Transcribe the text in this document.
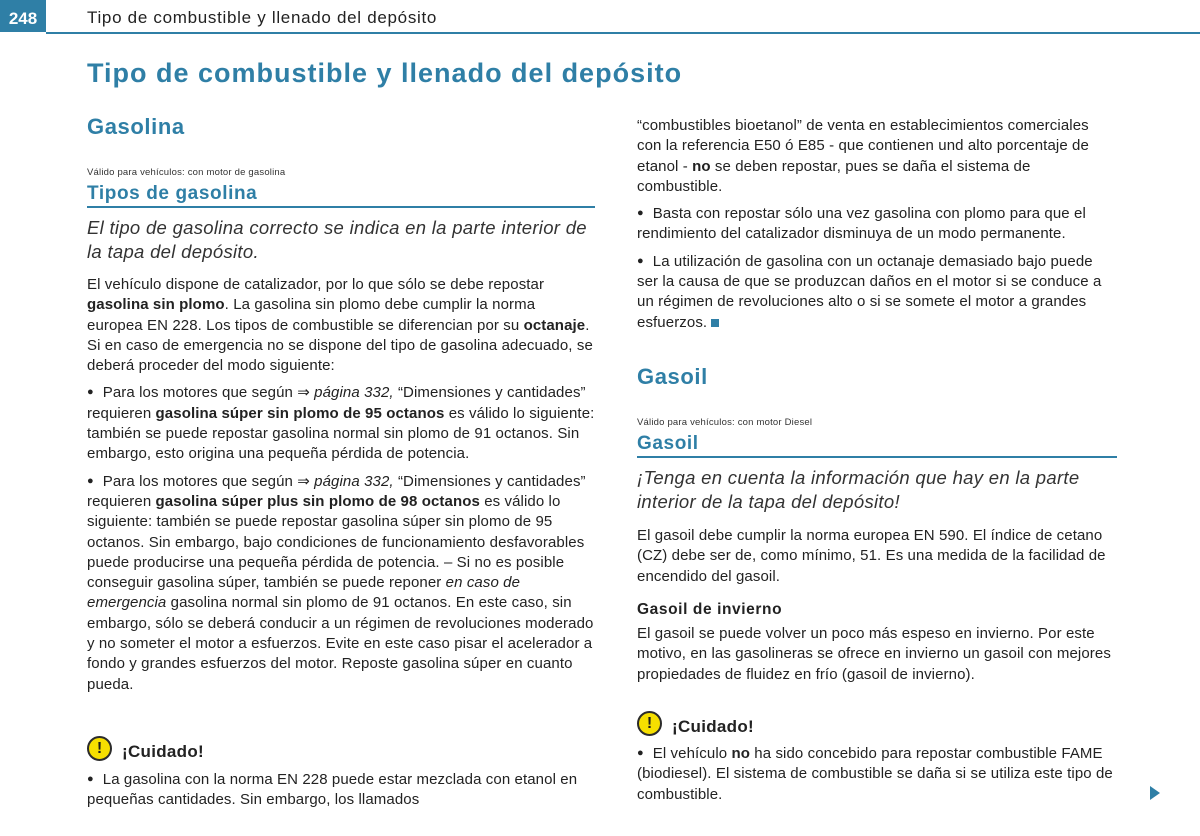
248	Tipo de combustible y llenado del depósito
Tipo de combustible y llenado del depósito
Gasolina
Válido para vehículos: con motor de gasolina
Tipos de gasolina
El tipo de gasolina correcto se indica en la parte interior de la tapa del depósito.

El vehículo dispone de catalizador, por lo que sólo se debe repostar gasolina sin plomo. La gasolina sin plomo debe cumplir la norma europea EN 228. Los tipos de combustible se diferencian por su octanaje. Si en caso de emergencia no se dispone del tipo de gasolina adecuado, se deberá proceder del modo siguiente:

● Para los motores que según ⇒ página 332, “Dimensiones y cantidades” requieren gasolina súper sin plomo de 95 octanos es válido lo siguiente: también se puede repostar gasolina normal sin plomo de 91 octanos. Sin embargo, esto origina una pequeña pérdida de potencia.

● Para los motores que según ⇒ página 332, “Dimensiones y cantidades” requieren gasolina súper plus sin plomo de 98 octanos es válido lo siguiente: también se puede repostar gasolina súper sin plomo de 95 octanos. Sin embargo, bajo condiciones de funcionamiento desfavorables puede producirse una pequeña pérdida de potencia. – Si no es posible conseguir gasolina súper, también se puede reponer en caso de emergencia gasolina normal sin plomo de 91 octanos. En este caso, sin embargo, sólo se deberá conducir a un régimen de revoluciones moderado y no someter el motor a esfuerzos. Evite en este caso pisar el acelerador a fondo y grandes esfuerzos del motor. Reposte gasolina súper en cuanto pueda.

!	¡Cuidado!

● La gasolina con la norma EN 228 puede estar mezclada con etanol en pequeñas cantidades. Sin embargo, los llamados

“combustibles bioetanol” de venta en establecimientos comerciales con la referencia E50 ó E85 - que contienen und alto porcentaje de etanol - no se deben repostar, pues se daña el sistema de combustible.

● Basta con repostar sólo una vez gasolina con plomo para que el rendimiento del catalizador disminuya de un modo permanente.

● La utilización de gasolina con un octanaje demasiado bajo puede ser la causa de que se produzcan daños en el motor si se conduce a un régimen de revoluciones alto o si se somete el motor a grandes esfuerzos.

Gasoil
Válido para vehículos: con motor Diesel
Gasoil
¡Tenga en cuenta la información que hay en la parte interior de la tapa del depósito!

El gasoil debe cumplir la norma europea EN 590. El índice de cetano (CZ) debe ser de, como mínimo, 51. Es una medida de la facilidad de encendido del gasoil.

Gasoil de invierno

El gasoil se puede volver un poco más espeso en invierno. Por este motivo, en las gasolineras se ofrece en invierno un gasoil con mejores propiedades de fluidez en frío (gasoil de invierno).

!	¡Cuidado!

● El vehículo no ha sido concebido para repostar combustible FAME (biodiesel). El sistema de combustible se daña si se utiliza este tipo de combustible.
